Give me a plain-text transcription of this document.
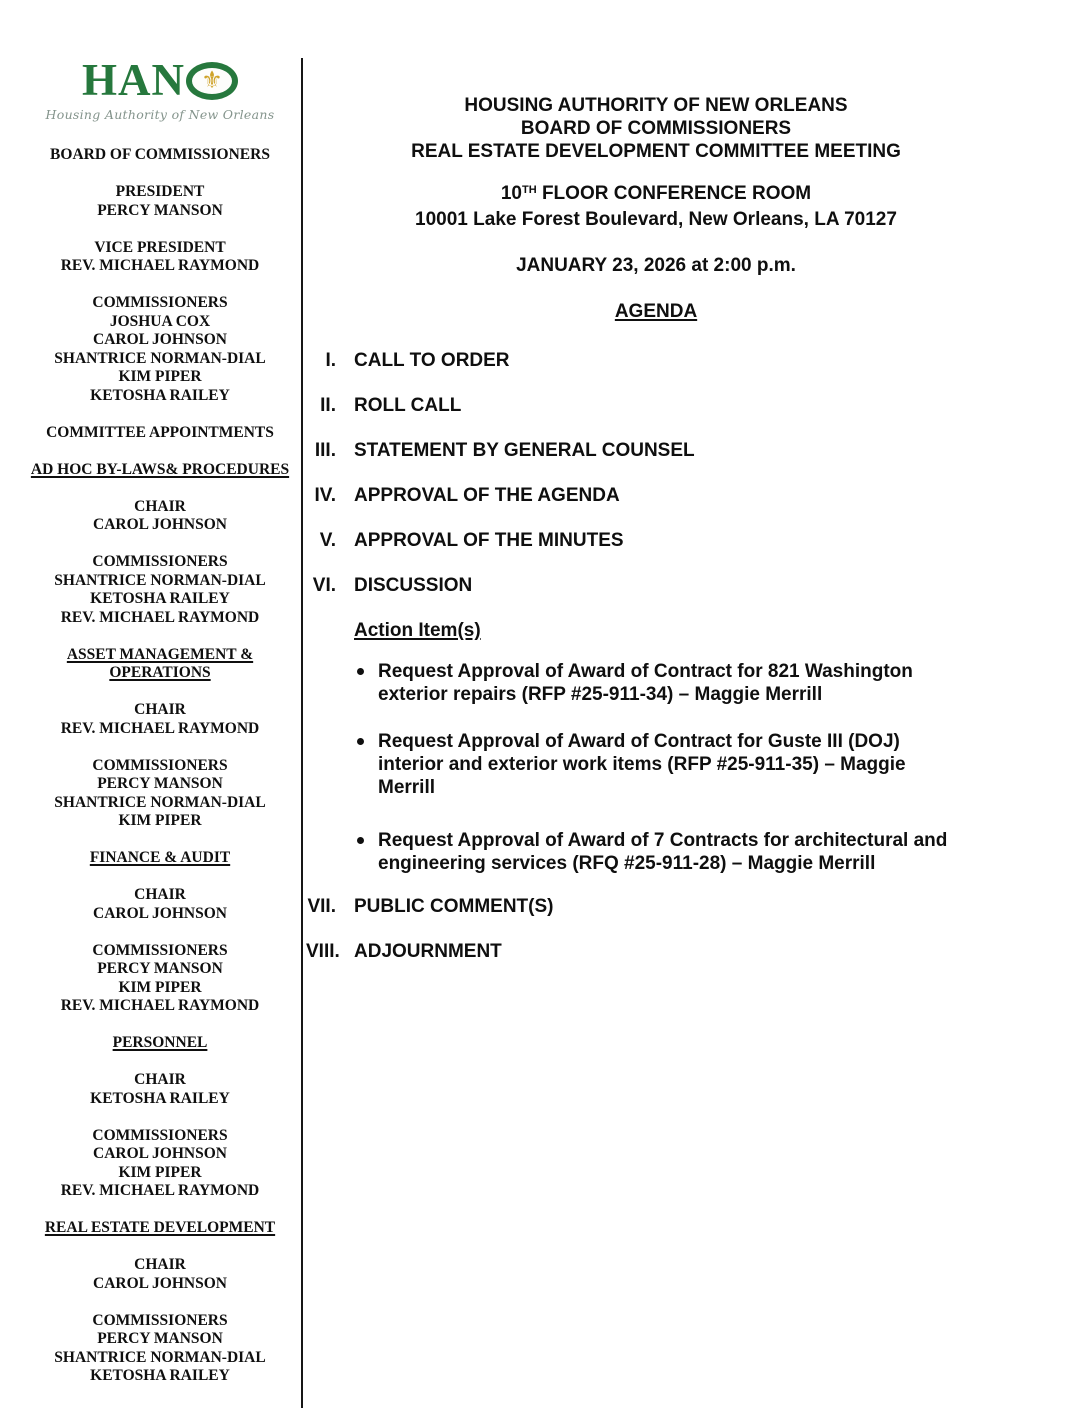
HAN ⚜
Housing Authority of New Orleans
BOARD OF COMMISSIONERS
PRESIDENT
PERCY MANSON
VICE PRESIDENT
REV. MICHAEL RAYMOND
COMMISSIONERS
JOSHUA COX
CAROL JOHNSON
SHANTRICE NORMAN-DIAL
KIM PIPER
KETOSHA RAILEY
COMMITTEE APPOINTMENTS
AD HOC BY-LAWS& PROCEDURES
CHAIR
CAROL JOHNSON
COMMISSIONERS
SHANTRICE NORMAN-DIAL
KETOSHA RAILEY
REV. MICHAEL RAYMOND
ASSET MANAGEMENT &
OPERATIONS
CHAIR
REV. MICHAEL RAYMOND
COMMISSIONERS
PERCY MANSON
SHANTRICE NORMAN-DIAL
KIM PIPER
FINANCE & AUDIT
CHAIR
CAROL JOHNSON
COMMISSIONERS
PERCY MANSON
KIM PIPER
REV. MICHAEL RAYMOND
PERSONNEL
CHAIR
KETOSHA RAILEY
COMMISSIONERS
CAROL JOHNSON
KIM PIPER
REV. MICHAEL RAYMOND
REAL ESTATE DEVELOPMENT
CHAIR
CAROL JOHNSON
COMMISSIONERS
PERCY MANSON
SHANTRICE NORMAN-DIAL
KETOSHA RAILEY
HOUSING AUTHORITY OF NEW ORLEANS
BOARD OF COMMISSIONERS
REAL ESTATE DEVELOPMENT COMMITTEE MEETING
10TH FLOOR CONFERENCE ROOM
10001 Lake Forest Boulevard, New Orleans, LA 70127
JANUARY 23, 2026 at 2:00 p.m.
AGENDA
I. CALL TO ORDER
II. ROLL CALL
III. STATEMENT BY GENERAL COUNSEL
IV. APPROVAL OF THE AGENDA
V. APPROVAL OF THE MINUTES
VI. DISCUSSION
Action Item(s)
Request Approval of Award of Contract for 821 Washington
exterior repairs (RFP #25-911-34) – Maggie Merrill
Request Approval of Award of Contract for Guste III (DOJ)
interior and exterior work items (RFP #25-911-35) – Maggie
Merrill
Request Approval of Award of 7 Contracts for architectural and
engineering services (RFQ #25-911-28) – Maggie Merrill
VII. PUBLIC COMMENT(S)
VIII. ADJOURNMENT
